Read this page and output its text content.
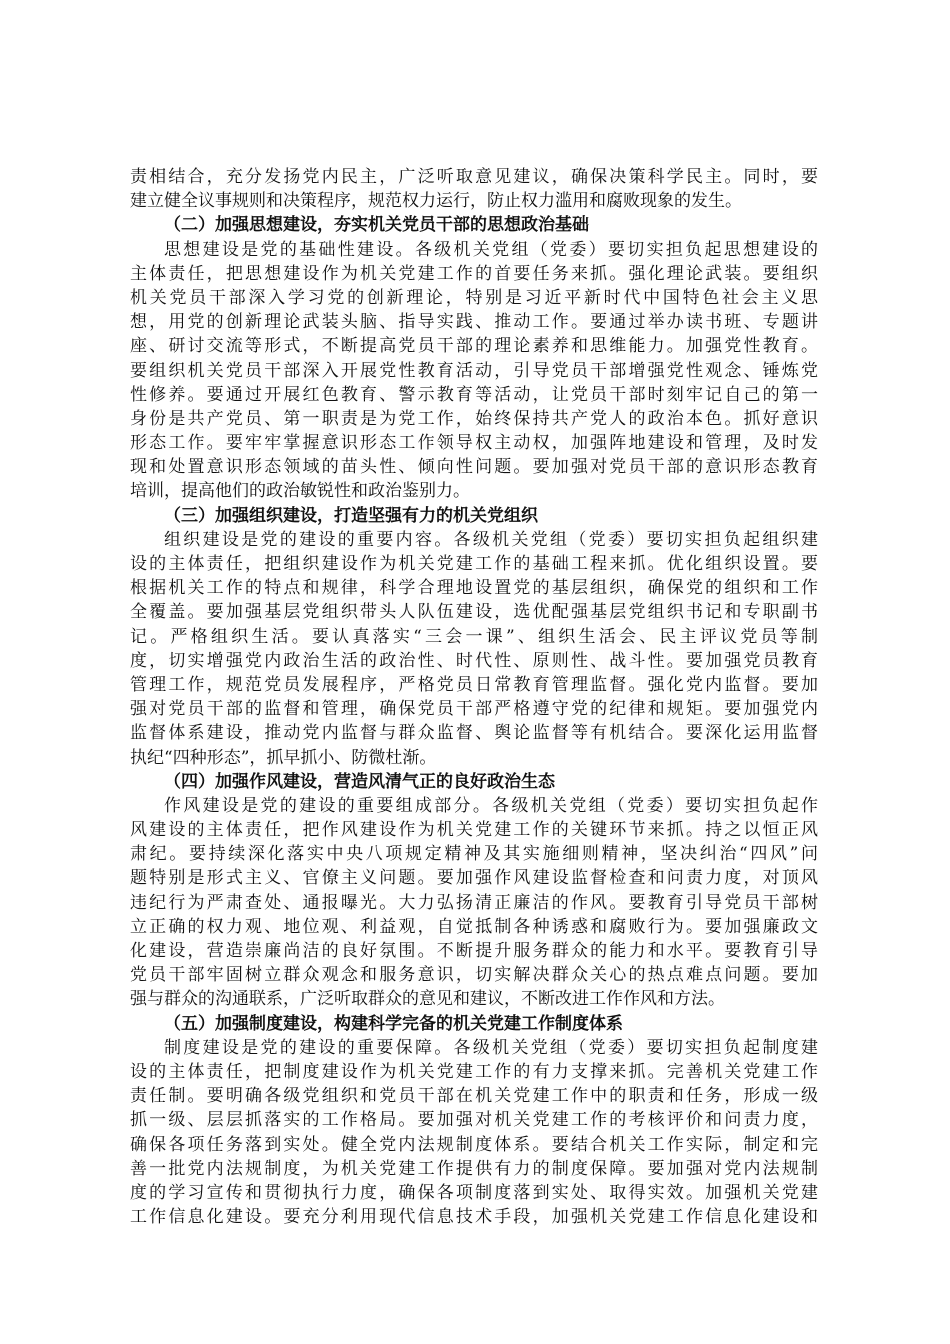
责相结合，充分发扬党内民主，广泛听取意见建议，确保决策科学民主。同时，要
建立健全议事规则和决策程序，规范权力运行，防止权力滥用和腐败现象的发生。
（二）加强思想建设，夯实机关党员干部的思想政治基础
思想建设是党的基础性建设。各级机关党组（党委）要切实担负起思想建设的
主体责任，把思想建设作为机关党建工作的首要任务来抓。强化理论武装。要组织
机关党员干部深入学习党的创新理论，特别是习近平新时代中国特色社会主义思
想，用党的创新理论武装头脑、指导实践、推动工作。要通过举办读书班、专题讲
座、研讨交流等形式，不断提高党员干部的理论素养和思维能力。加强党性教育。
要组织机关党员干部深入开展党性教育活动，引导党员干部增强党性观念、锤炼党
性修养。要通过开展红色教育、警示教育等活动，让党员干部时刻牢记自己的第一
身份是共产党员、第一职责是为党工作，始终保持共产党人的政治本色。抓好意识
形态工作。要牢牢掌握意识形态工作领导权主动权，加强阵地建设和管理，及时发
现和处置意识形态领域的苗头性、倾向性问题。要加强对党员干部的意识形态教育
培训，提高他们的政治敏锐性和政治鉴别力。
（三）加强组织建设，打造坚强有力的机关党组织
组织建设是党的建设的重要内容。各级机关党组（党委）要切实担负起组织建
设的主体责任，把组织建设作为机关党建工作的基础工程来抓。优化组织设置。要
根据机关工作的特点和规律，科学合理地设置党的基层组织，确保党的组织和工作
全覆盖。要加强基层党组织带头人队伍建设，选优配强基层党组织书记和专职副书
记。严格组织生活。要认真落实“三会一课”、组织生活会、民主评议党员等制
度，切实增强党内政治生活的政治性、时代性、原则性、战斗性。要加强党员教育
管理工作，规范党员发展程序，严格党员日常教育管理监督。强化党内监督。要加
强对党员干部的监督和管理，确保党员干部严格遵守党的纪律和规矩。要加强党内
监督体系建设，推动党内监督与群众监督、舆论监督等有机结合。要深化运用监督
执纪“四种形态”，抓早抓小、防微杜渐。
（四）加强作风建设，营造风清气正的良好政治生态
作风建设是党的建设的重要组成部分。各级机关党组（党委）要切实担负起作
风建设的主体责任，把作风建设作为机关党建工作的关键环节来抓。持之以恒正风
肃纪。要持续深化落实中央八项规定精神及其实施细则精神，坚决纠治“四风”问
题特别是形式主义、官僚主义问题。要加强作风建设监督检查和问责力度，对顶风
违纪行为严肃查处、通报曝光。大力弘扬清正廉洁的作风。要教育引导党员干部树
立正确的权力观、地位观、利益观，自觉抵制各种诱惑和腐败行为。要加强廉政文
化建设，营造崇廉尚洁的良好氛围。不断提升服务群众的能力和水平。要教育引导
党员干部牢固树立群众观念和服务意识，切实解决群众关心的热点难点问题。要加
强与群众的沟通联系，广泛听取群众的意见和建议，不断改进工作作风和方法。
（五）加强制度建设，构建科学完备的机关党建工作制度体系
制度建设是党的建设的重要保障。各级机关党组（党委）要切实担负起制度建
设的主体责任，把制度建设作为机关党建工作的有力支撑来抓。完善机关党建工作
责任制。要明确各级党组织和党员干部在机关党建工作中的职责和任务，形成一级
抓一级、层层抓落实的工作格局。要加强对机关党建工作的考核评价和问责力度，
确保各项任务落到实处。健全党内法规制度体系。要结合机关工作实际，制定和完
善一批党内法规制度，为机关党建工作提供有力的制度保障。要加强对党内法规制
度的学习宣传和贯彻执行力度，确保各项制度落到实处、取得实效。加强机关党建
工作信息化建设。要充分利用现代信息技术手段，加强机关党建工作信息化建设和
